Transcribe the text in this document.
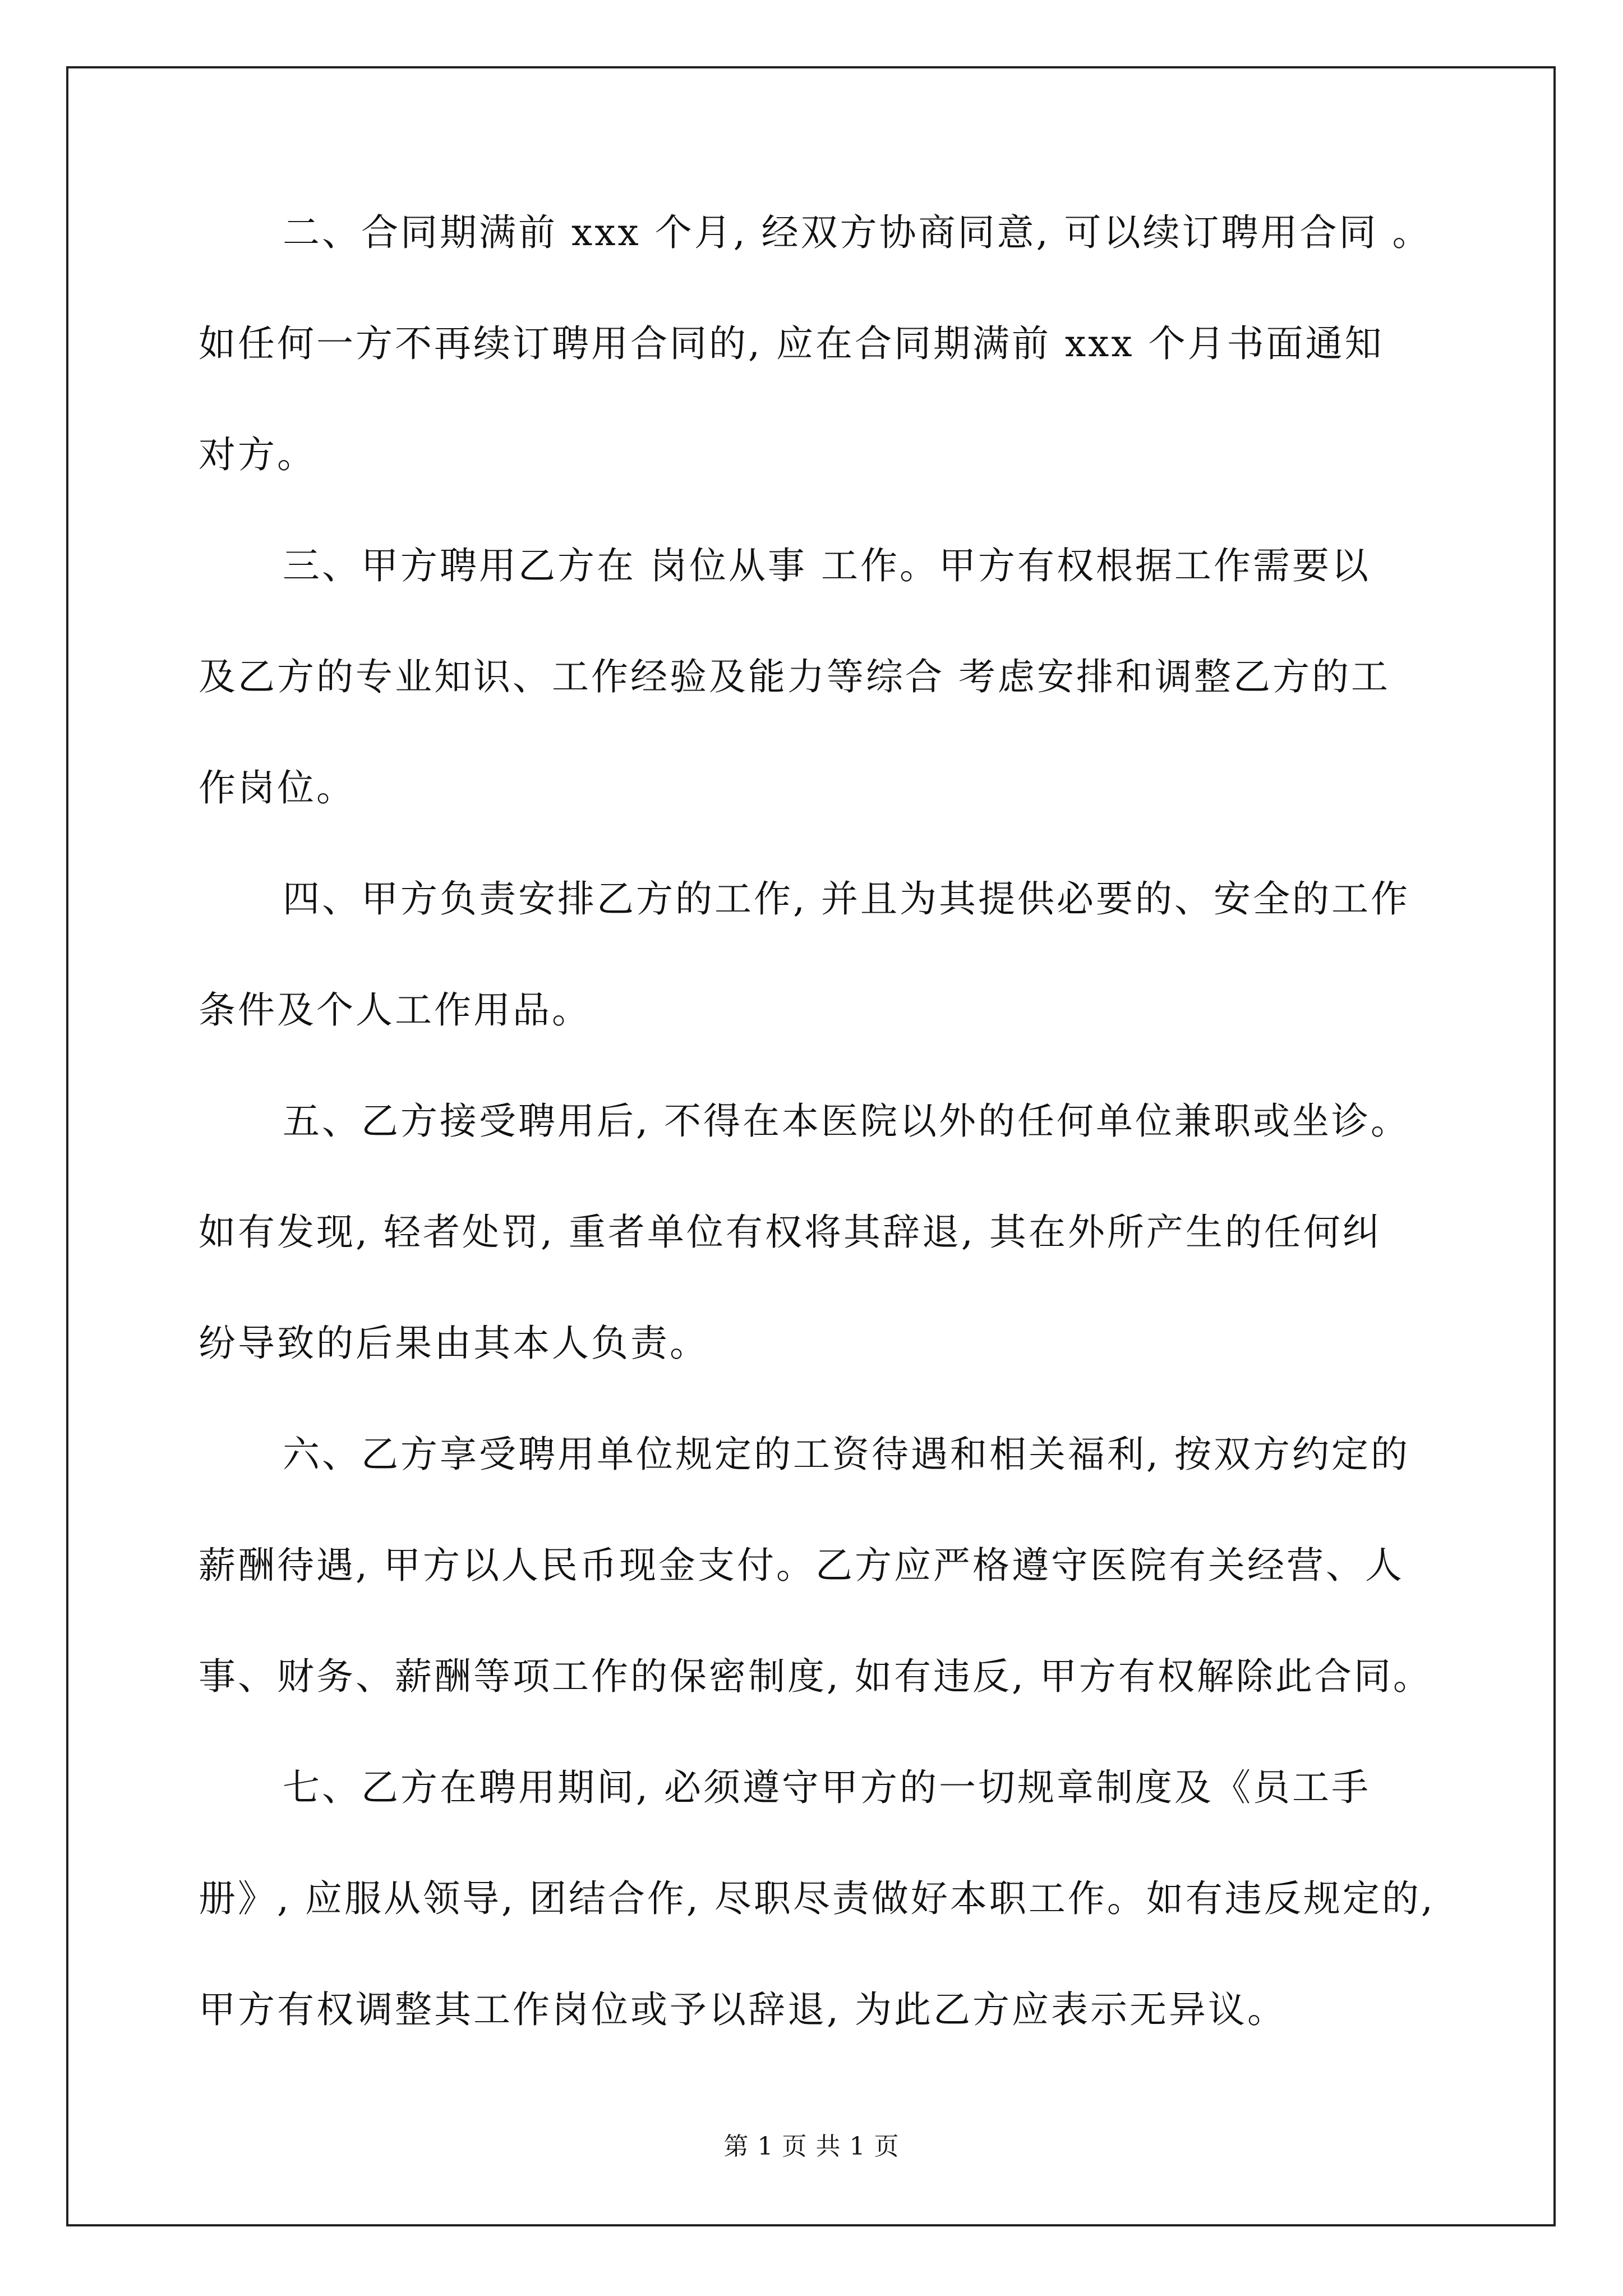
二、合同期满前 xxx 个月, 经双方协商同意, 可以续订聘用合同 。
如任何一方不再续订聘用合同的, 应在合同期满前 xxx 个月书面通知
对方。
三、甲方聘用乙方在 岗位从事 工作。甲方有权根据工作需要以
及乙方的专业知识、工作经验及能力等综合 考虑安排和调整乙方的工
作岗位。
四、甲方负责安排乙方的工作, 并且为其提供必要的、安全的工作
条件及个人工作用品。
五、乙方接受聘用后, 不得在本医院以外的任何单位兼职或坐诊。
如有发现, 轻者处罚, 重者单位有权将其辞退, 其在外所产生的任何纠
纷导致的后果由其本人负责。
六、乙方享受聘用单位规定的工资待遇和相关福利, 按双方约定的
薪酬待遇, 甲方以人民币现金支付。乙方应严格遵守医院有关经营、人
事、财务、薪酬等项工作的保密制度, 如有违反, 甲方有权解除此合同。
七、乙方在聘用期间, 必须遵守甲方的一切规章制度及《员工手
册》, 应服从领导, 团结合作, 尽职尽责做好本职工作。如有违反规定的,
甲方有权调整其工作岗位或予以辞退, 为此乙方应表示无异议。
第 1 页 共 1 页
